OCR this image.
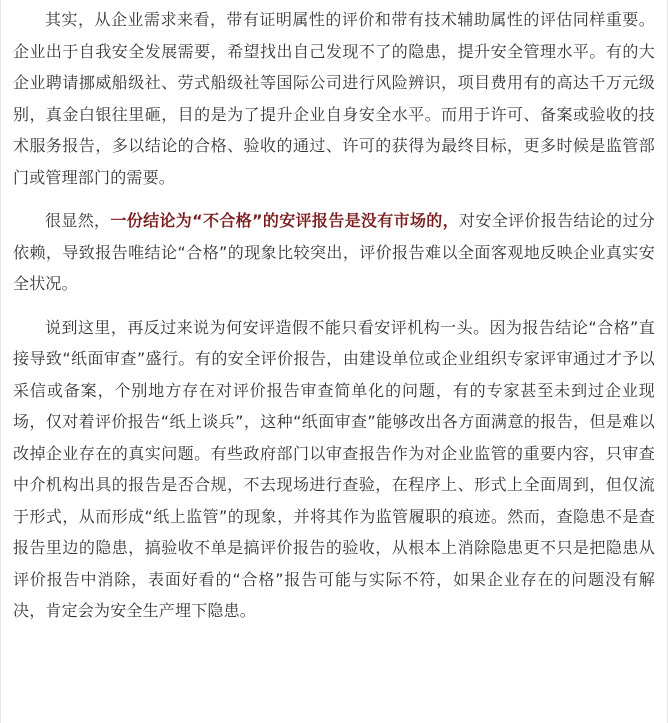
其实，从企业需求来看，带有证明属性的评价和带有技术辅助属性的评估同样重要。企业出于自我安全发展需要，希望找出自己发现不了的隐患，提升安全管理水平。有的大企业聘请挪威船级社、劳式船级社等国际公司进行风险辨识，项目费用有的高达千万元级别，真金白银往里砸，目的是为了提升企业自身安全水平。而用于许可、备案或验收的技术服务报告，多以结论的合格、验收的通过、许可的获得为最终目标，更多时候是监管部门或管理部门的需要。

很显然，一份结论为“不合格”的安评报告是没有市场的，对安全评价报告结论的过分依赖，导致报告唯结论“合格”的现象比较突出，评价报告难以全面客观地反映企业真实安全状况。

说到这里，再反过来说为何安评造假不能只看安评机构一头。因为报告结论“合格”直接导致“纸面审查”盛行。有的安全评价报告，由建设单位或企业组织专家评审通过才予以采信或备案，个别地方存在对评价报告审查简单化的问题，有的专家甚至未到过企业现场，仅对着评价报告“纸上谈兵”，这种“纸面审查”能够改出各方面满意的报告，但是难以改掉企业存在的真实问题。有些政府部门以审查报告作为对企业监管的重要内容，只审查中介机构出具的报告是否合规，不去现场进行查验，在程序上、形式上全面周到，但仅流于形式，从而形成“纸上监管”的现象，并将其作为监管履职的痕迹。然而，查隐患不是查报告里边的隐患，搞验收不单是搞评价报告的验收，从根本上消除隐患更不只是把隐患从评价报告中消除，表面好看的“合格”报告可能与实际不符，如果企业存在的问题没有解决，肯定会为安全生产埋下隐患。
